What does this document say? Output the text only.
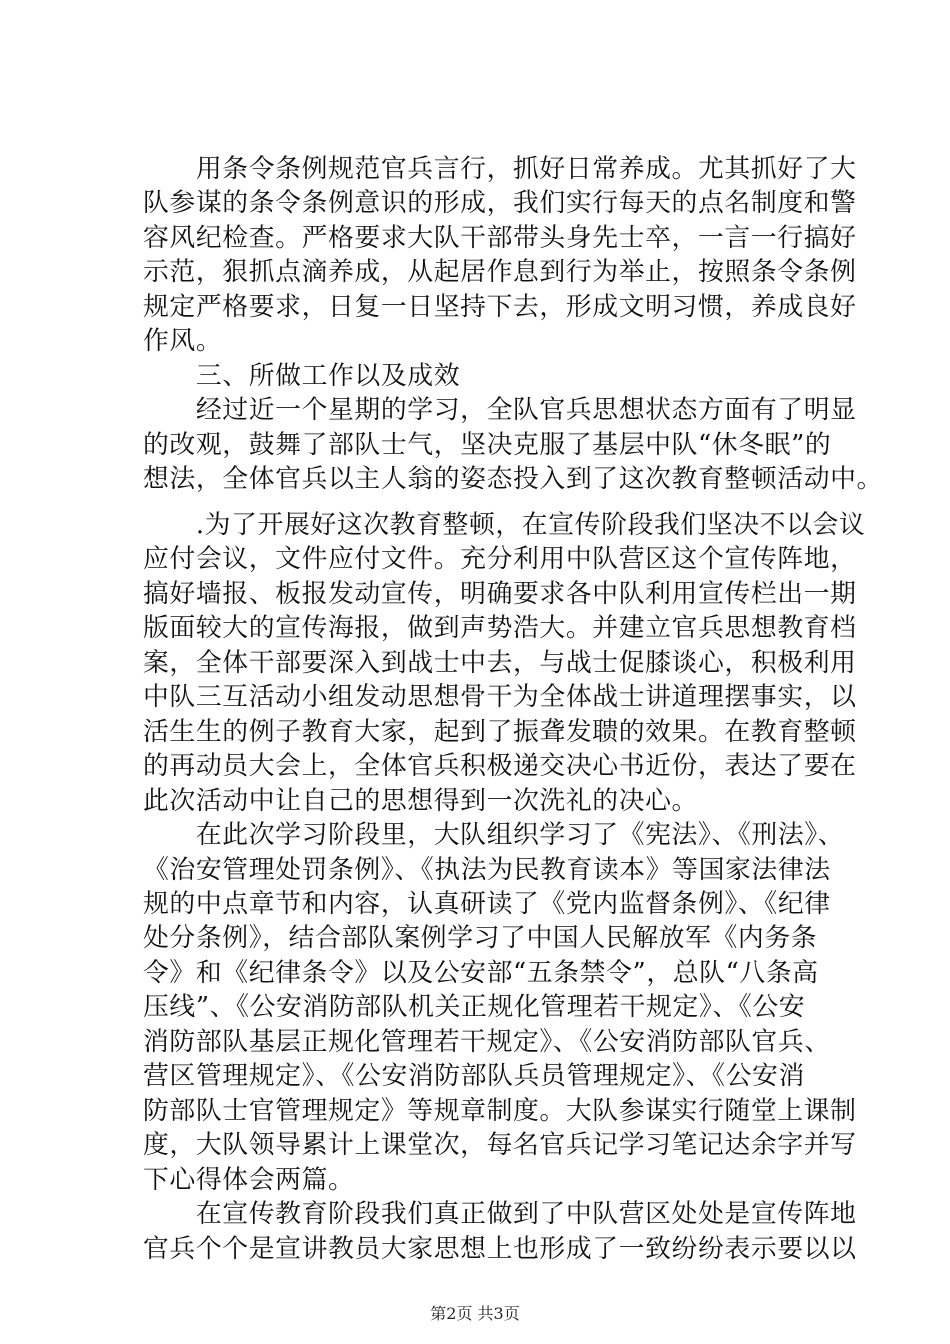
　　用条令条例规范官兵言行，抓好日常养成。尤其抓好了大
队参谋的条令条例意识的形成，我们实行每天的点名制度和警
容风纪检查。严格要求大队干部带头身先士卒，一言一行搞好
示范，狠抓点滴养成，从起居作息到行为举止，按照条令条例
规定严格要求，日复一日坚持下去，形成文明习惯，养成良好
作风。
　　三、所做工作以及成效
　　经过近一个星期的学习，全队官兵思想状态方面有了明显
的改观，鼓舞了部队士气，坚决克服了基层中队“休冬眠”的
想法，全体官兵以主人翁的姿态投入到了这次教育整顿活动中。
　　.为了开展好这次教育整顿，在宣传阶段我们坚决不以会议
应付会议，文件应付文件。充分利用中队营区这个宣传阵地，
搞好墙报、板报发动宣传，明确要求各中队利用宣传栏出一期
版面较大的宣传海报，做到声势浩大。并建立官兵思想教育档
案，全体干部要深入到战士中去，与战士促膝谈心，积极利用
中队三互活动小组发动思想骨干为全体战士讲道理摆事实，以
活生生的例子教育大家，起到了振聋发聩的效果。在教育整顿
的再动员大会上，全体官兵积极递交决心书近份，表达了要在
此次活动中让自己的思想得到一次洗礼的决心。
　　在此次学习阶段里，大队组织学习了《宪法》、《刑法》、
《治安管理处罚条例》、《执法为民教育读本》等国家法律法
规的中点章节和内容，认真研读了《党内监督条例》、《纪律
处分条例》，结合部队案例学习了中国人民解放军《内务条
令》和《纪律条令》以及公安部“五条禁令”，总队“八条高
压线”、《公安消防部队机关正规化管理若干规定》、《公安
消防部队基层正规化管理若干规定》、《公安消防部队官兵、
营区管理规定》、《公安消防部队兵员管理规定》、《公安消
防部队士官管理规定》等规章制度。大队参谋实行随堂上课制
度，大队领导累计上课堂次，每名官兵记学习笔记达余字并写
下心得体会两篇。
　　在宣传教育阶段我们真正做到了中队营区处处是宣传阵地
官兵个个是宣讲教员大家思想上也形成了一致纷纷表示要以以
第2页 共3页
